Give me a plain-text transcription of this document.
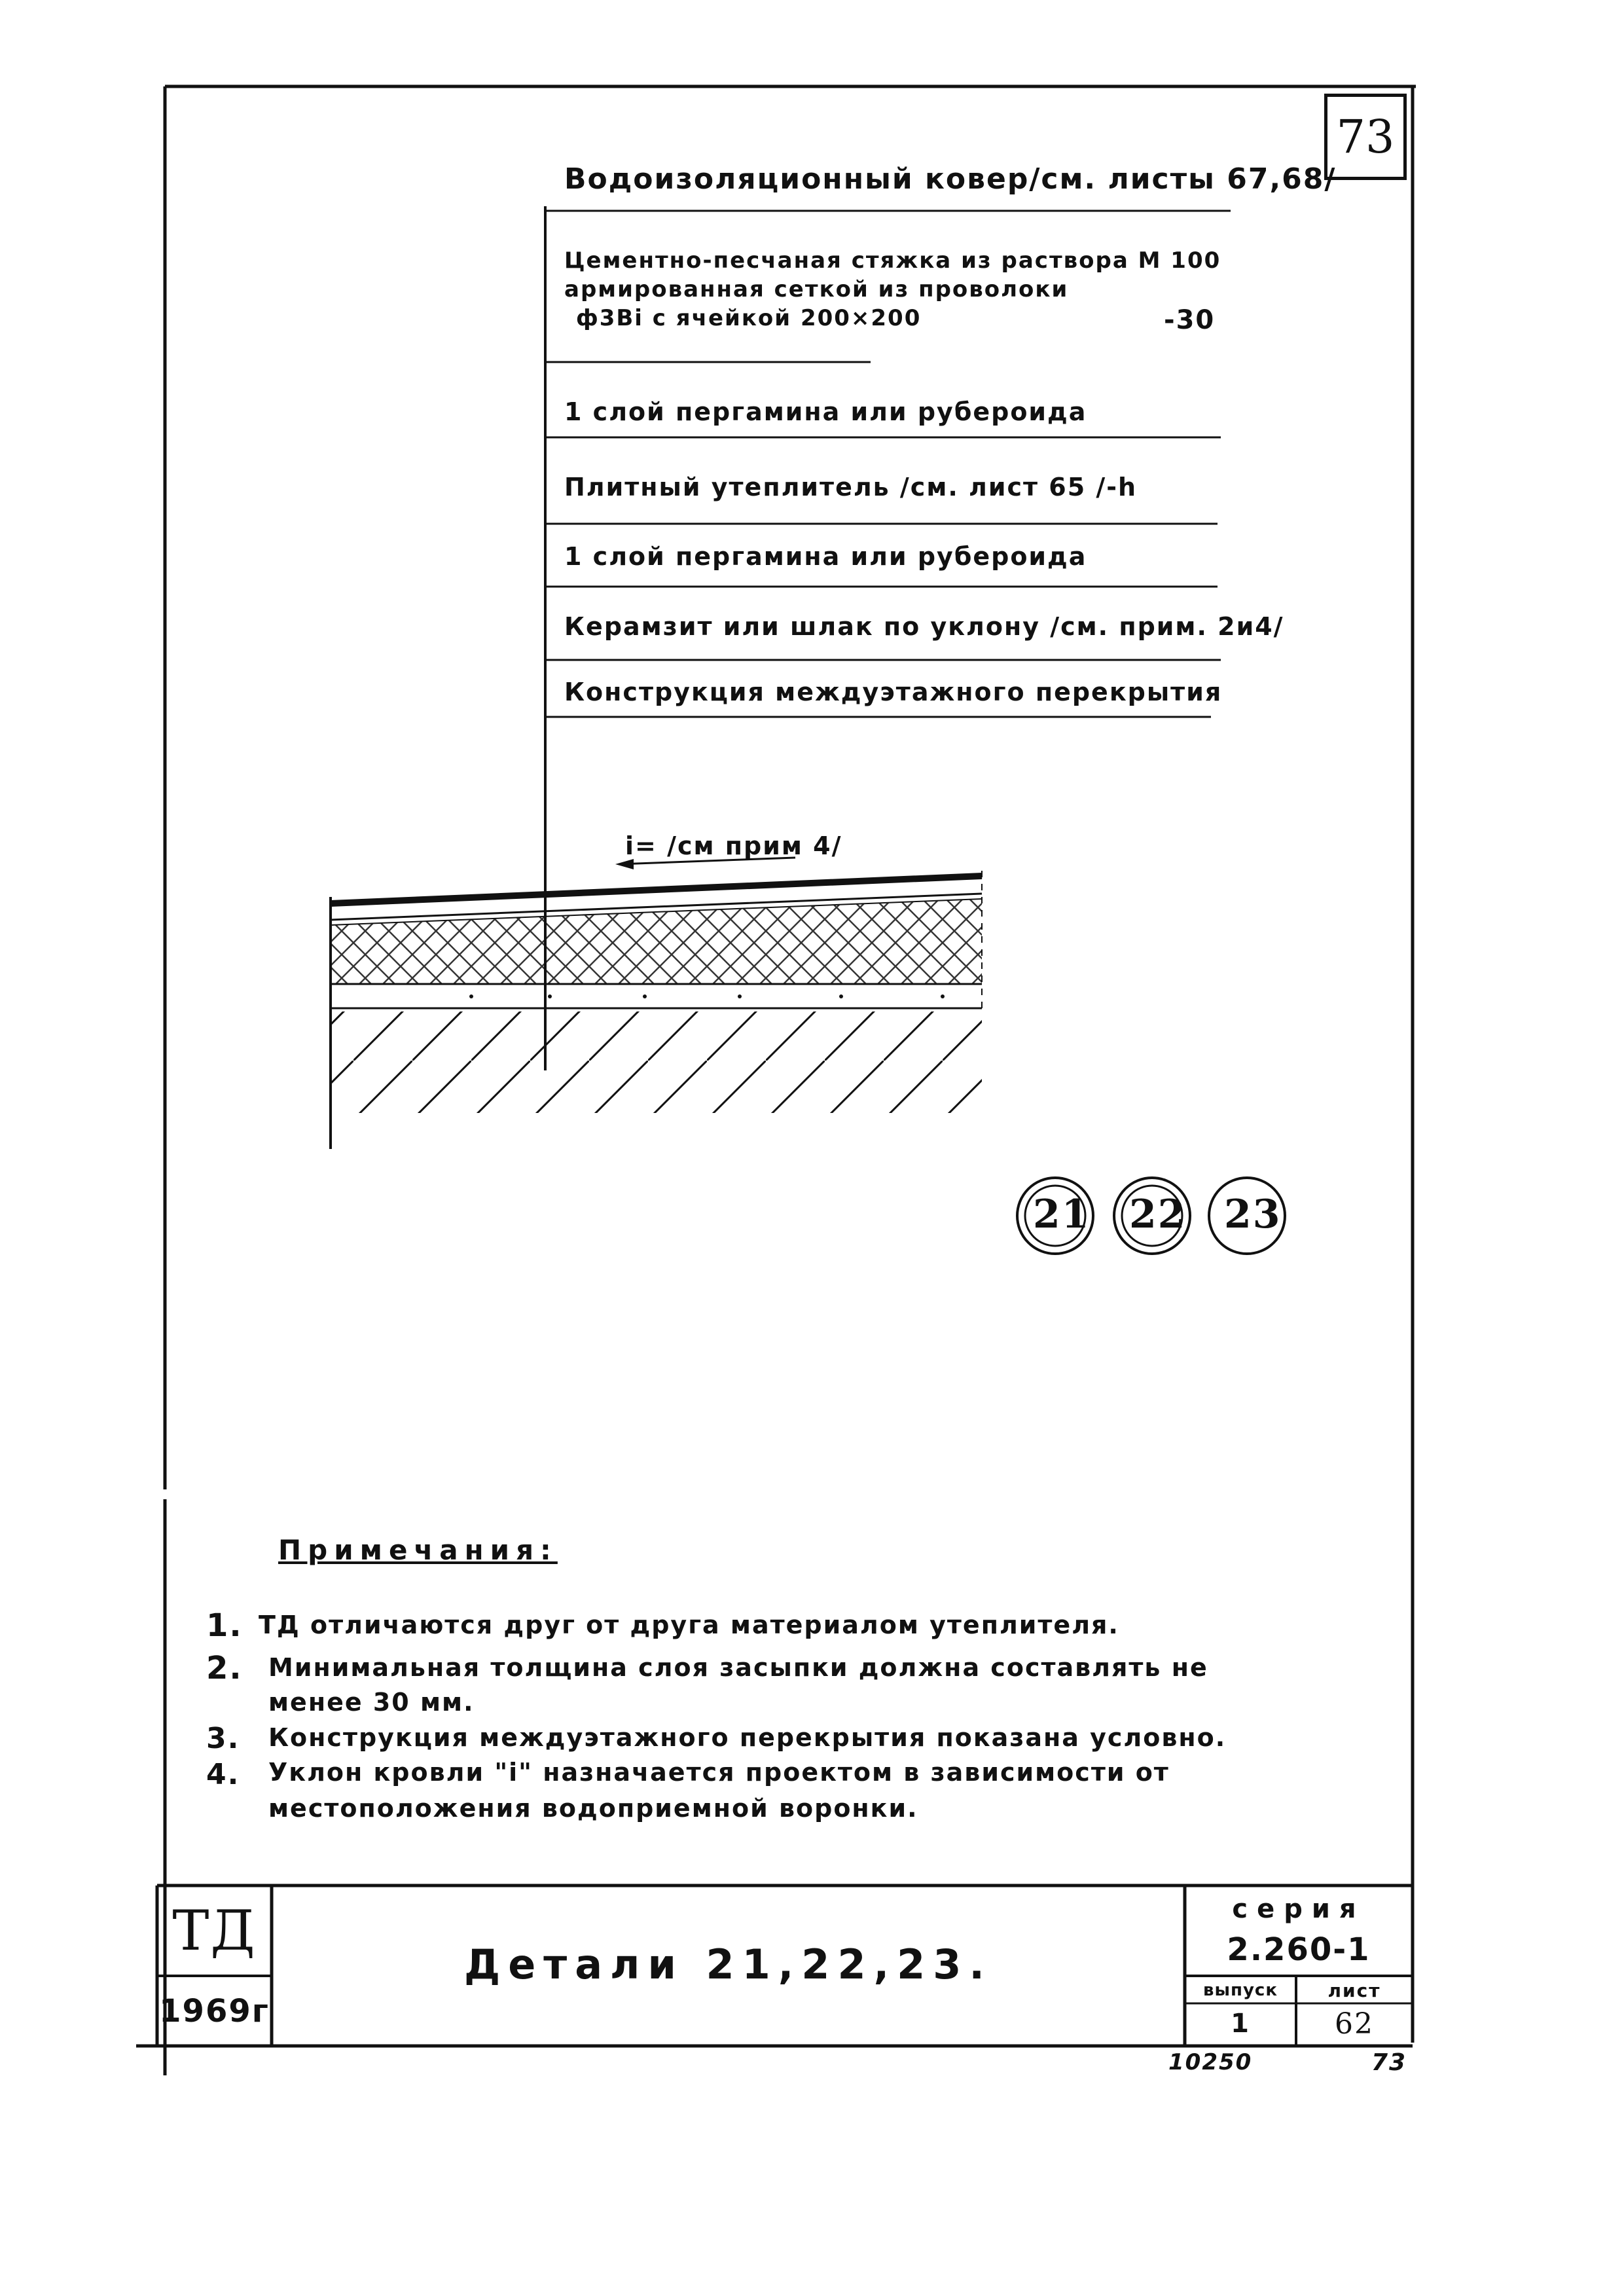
73
Водоизоляционный ковер/см. листы 67,68/
Цементно-песчаная стяжка из раствора М 100
армированная сеткой из проволоки
ф3Вi с ячейкой 200×200	-30
1 слой пергамина или рубероида
Плитный утеплитель /см. лист 65 /-h
1 слой пергамина или рубероида
Керамзит или шлак по уклону /см. прим. 2и4/
Конструкция междуэтажного перекрытия
i= /см прим 4/
21 22 23
Примечания:
1. ТД отличаются друг от друга материалом утеплителя.
2. Минимальная толщина слоя засыпки должна составлять не
менее 30 мм.
3. Конструкция междуэтажного перекрытия показана условно.
4. Уклон кровли "i" назначается проектом в зависимости от
местоположения водоприемной воронки.
ТД
1969г
Детали 21,22,23.
серия
2.260-1
выпуск
1
лист
62
10250	73
